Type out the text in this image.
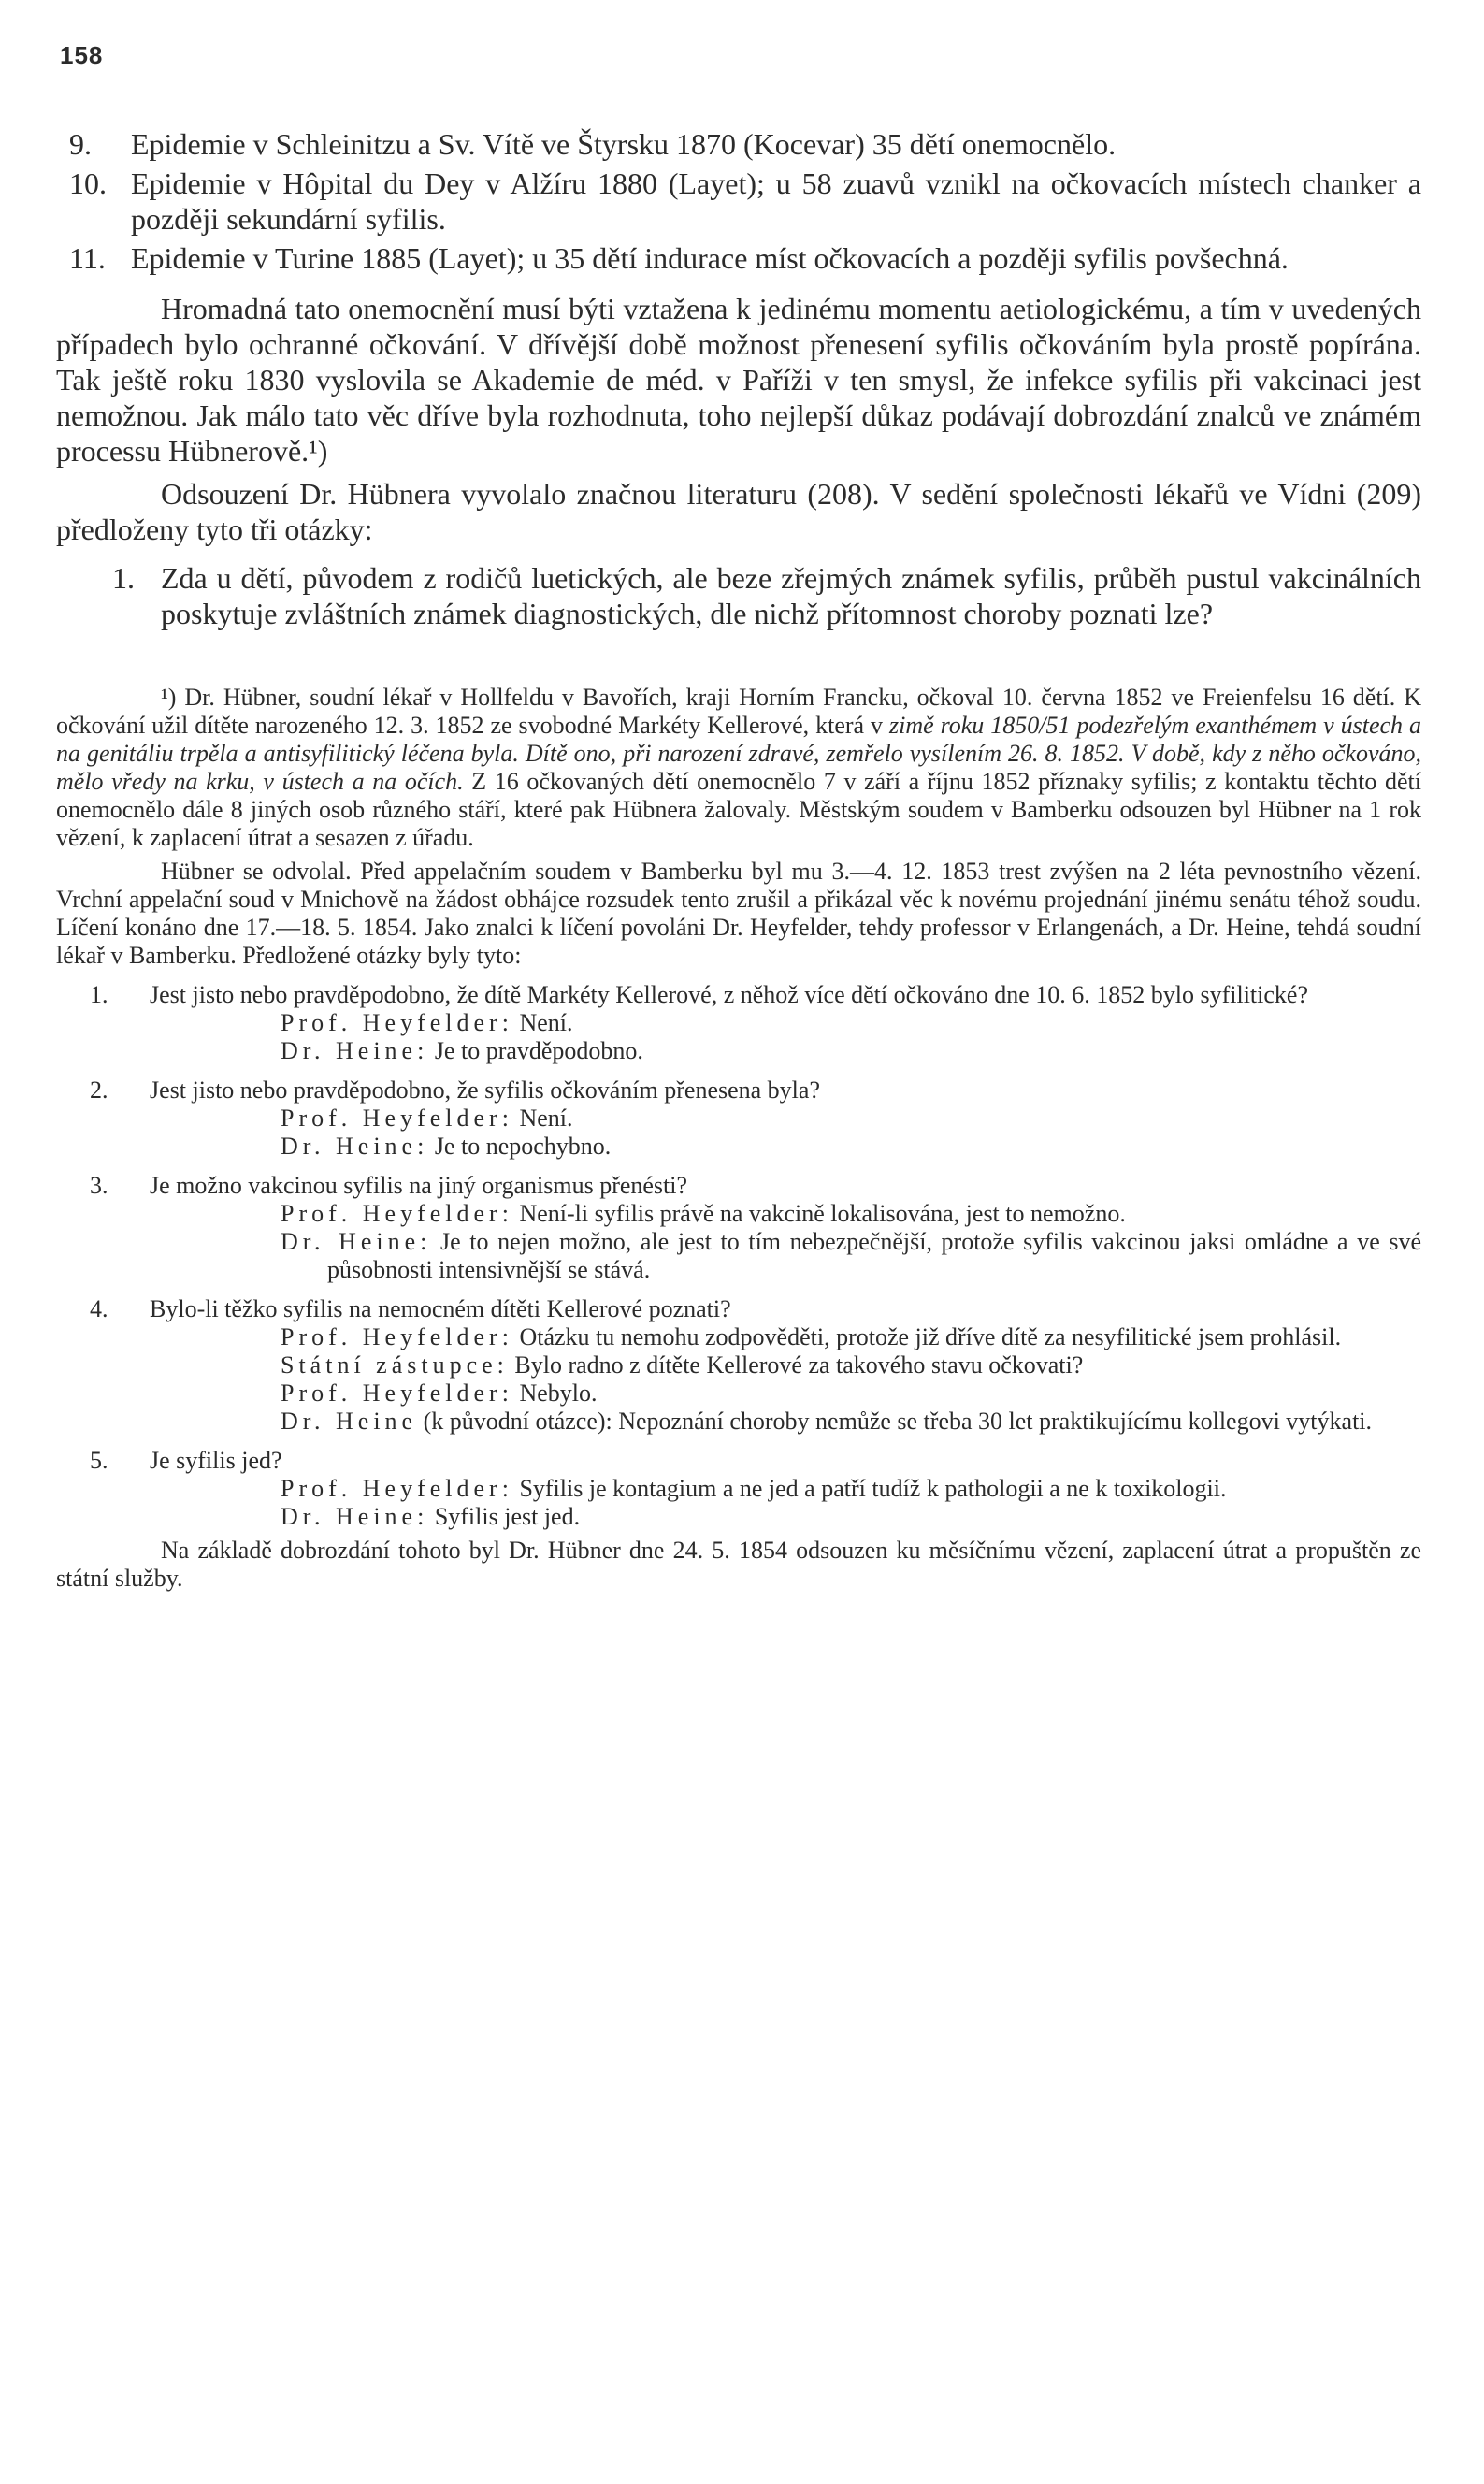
158

9. Epidemie v Schleinitzu a Sv. Vítě ve Štyrsku 1870 (Kocevar) 35 dětí onemocnělo.

10. Epidemie v Hôpital du Dey v Alžíru 1880 (Layet); u 58 zuavů vznikl na očkovacích místech chanker a později sekundární syfilis.

11. Epidemie v Turine 1885 (Layet); u 35 dětí indurace míst očkovacích a později syfilis povšechná.

Hromadná tato onemocnění musí býti vztažena k jedinému momentu aetiologickému, a tím v uvedených případech bylo ochranné očkování. V dřívější době možnost přenesení syfilis očkováním byla prostě popírána. Tak ještě roku 1830 vyslovila se Akademie de méd. v Paříži v ten smysl, že infekce syfilis při vakcinaci jest nemožnou. Jak málo tato věc dříve byla rozhodnuta, toho nejlepší důkaz podávají dobrozdání znalců ve známém processu Hübnerově.¹)

Odsouzení Dr. Hübnera vyvolalo značnou literaturu (208). V sedění společnosti lékařů ve Vídni (209) předloženy tyto tři otázky:

1. Zda u dětí, původem z rodičů luetických, ale beze zřejmých známek syfilis, průběh pustul vakcinálních poskytuje zvláštních známek diagnostických, dle nichž přítomnost choroby poznati lze?

¹) Dr. Hübner, soudní lékař v Hollfeldu v Bavořích, kraji Horním Francku, očkoval 10. června 1852 ve Freienfelsu 16 dětí. K očkování užil dítěte narozeného 12. 3. 1852 ze svobodné Markéty Kellerové, která v zimě roku 1850/51 podezřelým exanthémem v ústech a na genitáliu trpěla a antisyfilitický léčena byla. Dítě ono, při narození zdravé, zemřelo vysílením 26. 8. 1852. V době, kdy z něho očkováno, mělo vředy na krku, v ústech a na očích. Z 16 očkovaných dětí onemocnělo 7 v září a říjnu 1852 příznaky syfilis; z kontaktu těchto dětí onemocnělo dále 8 jiných osob různého stáří, které pak Hübnera žalovaly. Městským soudem v Bamberku odsouzen byl Hübner na 1 rok vězení, k zaplacení útrat a sesazen z úřadu.

Hübner se odvolal. Před appelačním soudem v Bamberku byl mu 3.—4. 12. 1853 trest zvýšen na 2 léta pevnostního vězení. Vrchní appelační soud v Mnichově na žádost obhájce rozsudek tento zrušil a přikázal věc k novému projednání jinému senátu téhož soudu. Líčení konáno dne 17.—18. 5. 1854. Jako znalci k líčení povoláni Dr. Heyfelder, tehdy professor v Erlangenách, a Dr. Heine, tehdá soudní lékař v Bamberku. Předložené otázky byly tyto:

1. Jest jisto nebo pravděpodobno, že dítě Markéty Kellerové, z něhož více dětí očkováno dne 10. 6. 1852 bylo syfilitické?

Prof. Heyfelder: Není.

Dr. Heine: Je to pravděpodobno.

2. Jest jisto nebo pravděpodobno, že syfilis očkováním přenesena byla?

Prof. Heyfelder: Není.

Dr. Heine: Je to nepochybno.

3. Je možno vakcinou syfilis na jiný organismus přenésti?

Prof. Heyfelder: Není-li syfilis právě na vakcině lokalisována, jest to nemožno.

Dr. Heine: Je to nejen možno, ale jest to tím nebezpečnější, protože syfilis vakcinou jaksi omládne a ve své působnosti intensivnější se stává.

4. Bylo-li těžko syfilis na nemocném dítěti Kellerové poznati?

Prof. Heyfelder: Otázku tu nemohu zodpověděti, protože již dříve dítě za nesyfilitické jsem prohlásil.

Státní zástupce: Bylo radno z dítěte Kellerové za takového stavu očkovati?

Prof. Heyfelder: Nebylo.

Dr. Heine (k původní otázce): Nepoznání choroby nemůže se třeba 30 let praktikujícímu kollegovi vytýkati.

5. Je syfilis jed?

Prof. Heyfelder: Syfilis je kontagium a ne jed a patří tudíž k pathologii a ne k toxikologii.

Dr. Heine: Syfilis jest jed.

Na základě dobrozdání tohoto byl Dr. Hübner dne 24. 5. 1854 odsouzen ku měsíčnímu vězení, zaplacení útrat a propuštěn ze státní služby.
